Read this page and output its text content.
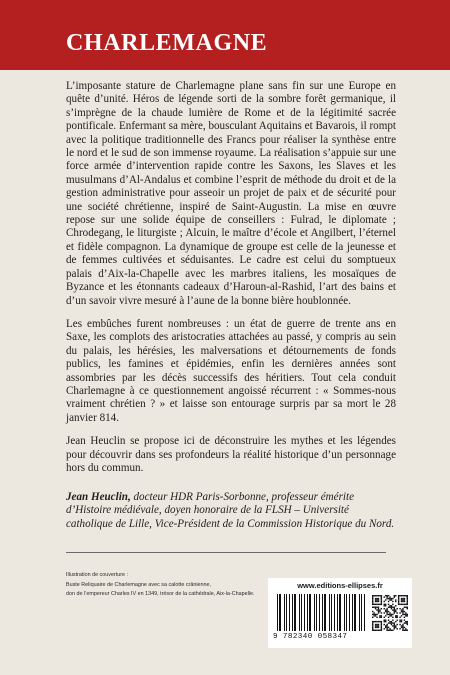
CHARLEMAGNE

L’imposante stature de Charlemagne plane sans fin sur une Europe en quête d’unité. Héros de légende sorti de la sombre forêt germanique, il s’imprègne de la chaude lumière de Rome et de la légitimité sacrée pontificale. Enfermant sa mère, bousculant Aquitains et Bavarois, il rompt avec la politique traditionnelle des Francs pour réaliser la synthèse entre le nord et le sud de son immense royaume. La réalisation s’appuie sur une force armée d’intervention rapide contre les Saxons, les Slaves et les musulmans d’Al-Andalus et combine l’esprit de méthode du droit et de la gestion administrative pour asseoir un projet de paix et de sécurité pour une société chrétienne, inspiré de Saint-Augustin. La mise en œuvre repose sur une solide équipe de conseillers : Fulrad, le diplomate ; Chrodegang, le liturgiste ; Alcuin, le maître d’école et Angilbert, l’éternel et fidèle compagnon. La dynamique de groupe est celle de la jeunesse et de femmes cultivées et séduisantes. Le cadre est celui du somptueux palais d’Aix-la-Chapelle avec les marbres italiens, les mosaïques de Byzance et les étonnants cadeaux d’Haroun-al-Rashid, l’art des bains et d’un savoir vivre mesuré à l’aune de la bonne bière houblonnée.

Les embûches furent nombreuses : un état de guerre de trente ans en Saxe, les complots des aristocraties attachées au passé, y compris au sein du palais, les hérésies, les malversations et détournements de fonds publics, les famines et épidémies, enfin les dernières années sont assombries par les décès successifs des héritiers. Tout cela conduit Charlemagne à ce questionnement angoissé récurrent : « Sommes-nous vraiment chrétien ? » et laisse son entourage surpris par sa mort le 28 janvier 814.

Jean Heuclin se propose ici de déconstruire les mythes et les légendes pour découvrir dans ses profondeurs la réalité historique d’un personnage hors du commun.

Jean Heuclin, docteur HDR Paris-Sorbonne, professeur émérite d’Histoire médiévale, doyen honoraire de la FLSH – Université catholique de Lille, Vice-Président de la Commission Historique du Nord.
Illustration de couverture :
Buste Reliquaire de Charlemagne avec sa calotte crânienne,
don de l’empereur Charles IV en 1349, trésor de la cathédrale, Aix-la-Chapelle.
www.editions-ellipses.fr
9 782340 058347
